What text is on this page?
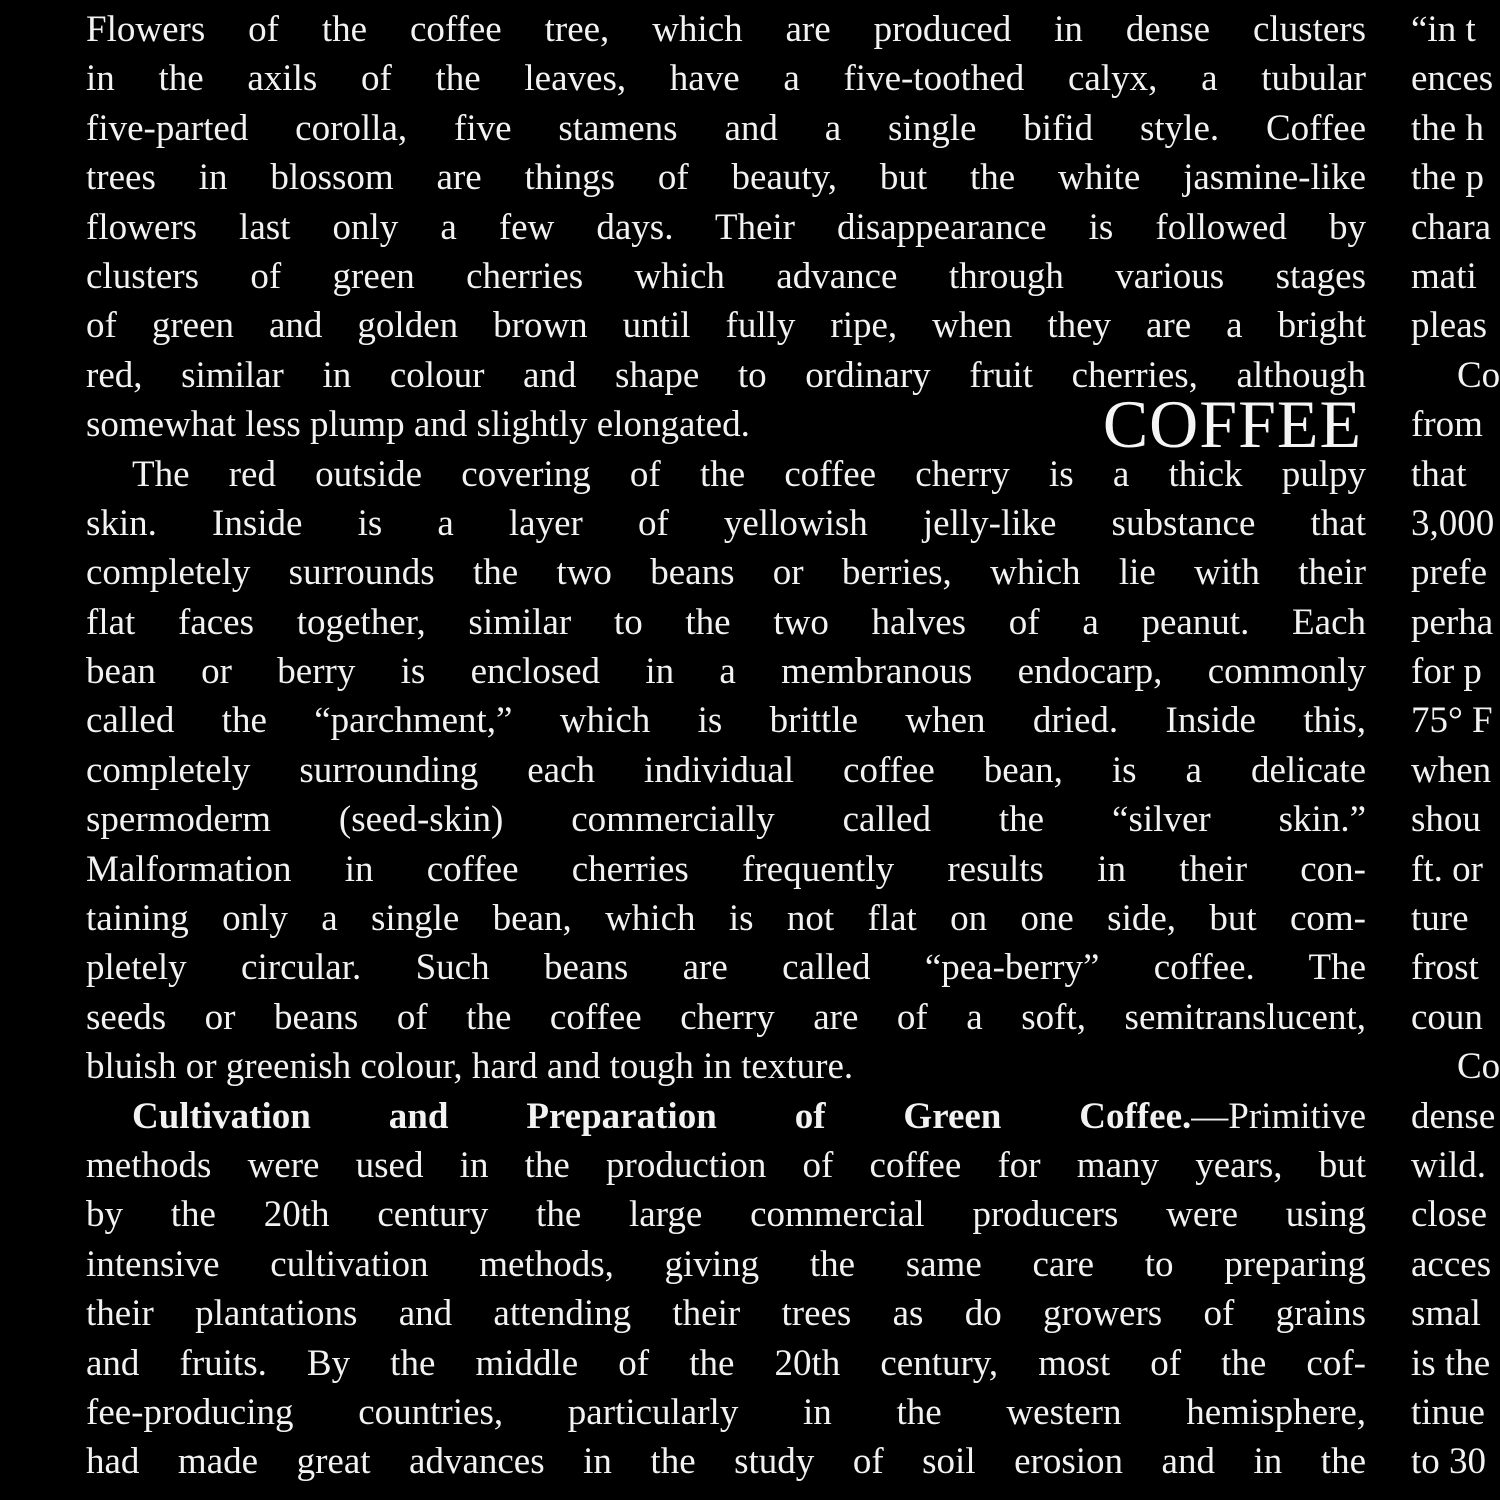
Flowers of the coffee tree, which are produced in dense clusters
in the axils of the leaves, have a five-toothed calyx, a tubular
five-parted corolla, five stamens and a single bifid style. Coffee
trees in blossom are things of beauty, but the white jasmine-like
flowers last only a few days. Their disappearance is followed by
clusters of green cherries which advance through various stages
of green and golden brown until fully ripe, when they are a bright
red, similar in colour and shape to ordinary fruit cherries, although
somewhat less plump and slightly elongated.	COFFEE
The red outside covering of the coffee cherry is a thick pulpy
skin. Inside is a layer of yellowish jelly-like substance that
completely surrounds the two beans or berries, which lie with their
flat faces together, similar to the two halves of a peanut. Each
bean or berry is enclosed in a membranous endocarp, commonly
called the “parchment,” which is brittle when dried. Inside this,
completely surrounding each individual coffee bean, is a delicate
spermoderm (seed-skin) commercially called the “silver skin.”
Malformation in coffee cherries frequently results in their con-
taining only a single bean, which is not flat on one side, but com-
pletely circular. Such beans are called “pea-berry” coffee. The
seeds or beans of the coffee cherry are of a soft, semitranslucent,
bluish or greenish colour, hard and tough in texture.
Cultivation and Preparation of Green Coffee.—Primitive
methods were used in the production of coffee for many years, but
by the 20th century the large commercial producers were using
intensive cultivation methods, giving the same care to preparing
their plantations and attending their trees as do growers of grains
and fruits. By the middle of the 20th century, most of the cof-
fee-producing countries, particularly in the western hemisphere,
had made great advances in the study of soil erosion and in the
“in t
ences
the h
the p
chara
mati
pleas
Co
from
that
3,000
prefe
perha
for p
75° F
when
shou
ft. or
ture
frost
coun
Co
dense
wild.
close
acces
smal
is the
tinue
to 30
